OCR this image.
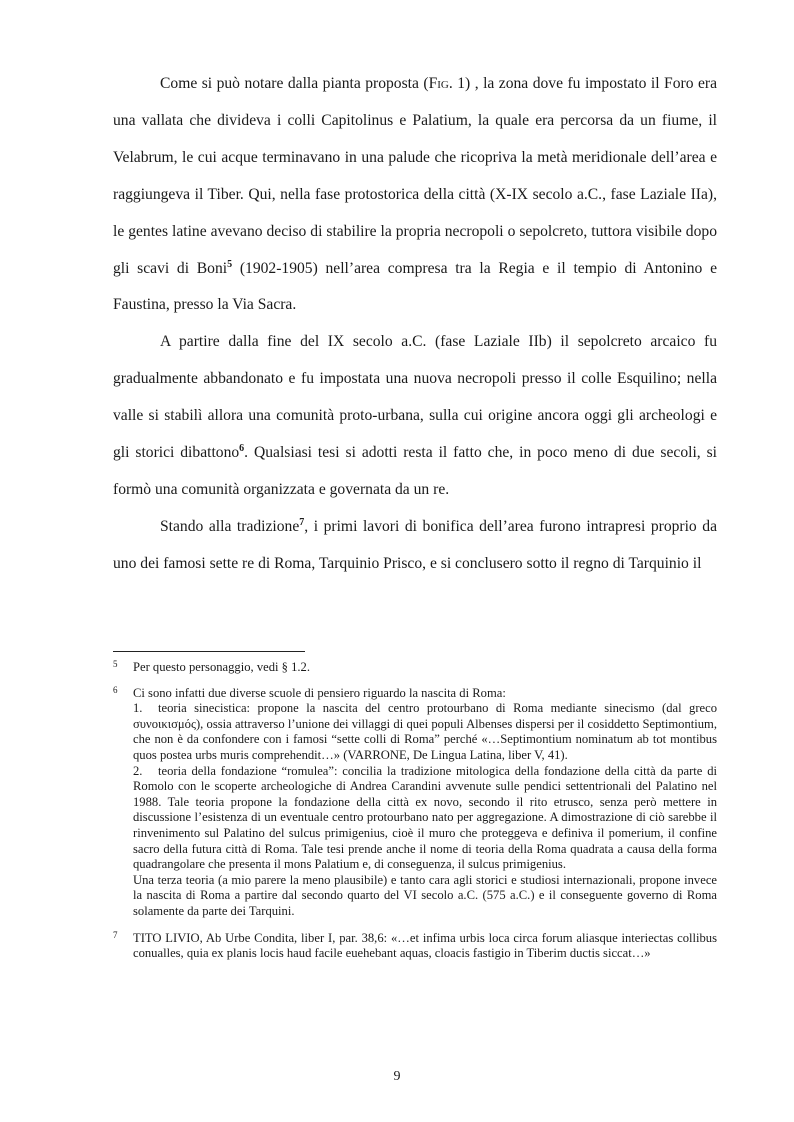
Come si può notare dalla pianta proposta (Fig. 1) , la zona dove fu impostato il Foro era una vallata che divideva i colli Capitolinus e Palatium, la quale era percorsa da un fiume, il Velabrum, le cui acque terminavano in una palude che ricopriva la metà meridionale dell’area e raggiungeva il Tiber. Qui, nella fase protostorica della città (X-IX secolo a.C., fase Laziale IIa), le gentes latine avevano deciso di stabilire la propria necropoli o sepolcreto, tuttora visibile dopo gli scavi di Boni$^5$ (1902-1905) nell’area compresa tra la Regia e il tempio di Antonino e Faustina, presso la Via Sacra.

A partire dalla fine del IX secolo a.C. (fase Laziale IIb) il sepolcreto arcaico fu gradualmente abbandonato e fu impostata una nuova necropoli presso il colle Esquilino; nella valle si stabilì allora una comunità proto-urbana, sulla cui origine ancora oggi gli archeologi e gli storici dibattono$^6$. Qualsiasi tesi si adotti resta il fatto che, in poco meno di due secoli, si formò una comunità organizzata e governata da un re.

Stando alla tradizione$^7$, i primi lavori di bonifica dell’area furono intrapresi proprio da uno dei famosi sette re di Roma, Tarquinio Prisco, e si conclusero sotto il regno di Tarquinio il

5 Per questo personaggio, vedi § 1.2.
6 Ci sono infatti due diverse scuole di pensiero riguardo la nascita di Roma:
1. teoria sinecistica: propone la nascita del centro protourbano di Roma mediante sinecismo (dal greco συνοικισμός), ossia attraverso l’unione dei villaggi di quei populi Albenses dispersi per il cosiddetto Septimontium, che non è da confondere con i famosi “sette colli di Roma” perché «…Septimontium nominatum ab tot montibus quos postea urbs muris comprehendit…» (VARRONE, De Lingua Latina, liber V, 41).
2. teoria della fondazione “romulea”: concilia la tradizione mitologica della fondazione della città da parte di Romolo con le scoperte archeologiche di Andrea Carandini avvenute sulle pendici settentrionali del Palatino nel 1988. Tale teoria propone la fondazione della città ex novo, secondo il rito etrusco, senza però mettere in discussione l’esistenza di un eventuale centro protourbano nato per aggregazione. A dimostrazione di ciò sarebbe il rinvenimento sul Palatino del sulcus primigenius, cioè il muro che proteggeva e definiva il pomerium, il confine sacro della futura città di Roma. Tale tesi prende anche il nome di teoria della Roma quadrata a causa della forma quadrangolare che presenta il mons Palatium e, di conseguenza, il sulcus primigenius.
Una terza teoria (a mio parere la meno plausibile) e tanto cara agli storici e studiosi internazionali, propone invece la nascita di Roma a partire dal secondo quarto del VI secolo a.C. (575 a.C.) e il conseguente governo di Roma solamente da parte dei Tarquini.
7 TITO LIVIO, Ab Urbe Condita, liber I, par. 38,6: «…et infima urbis loca circa forum aliasque interiectas collibus conualles, quia ex planis locis haud facile euehebant aquas, cloacis fastigio in Tiberim ductis siccat…»
9
